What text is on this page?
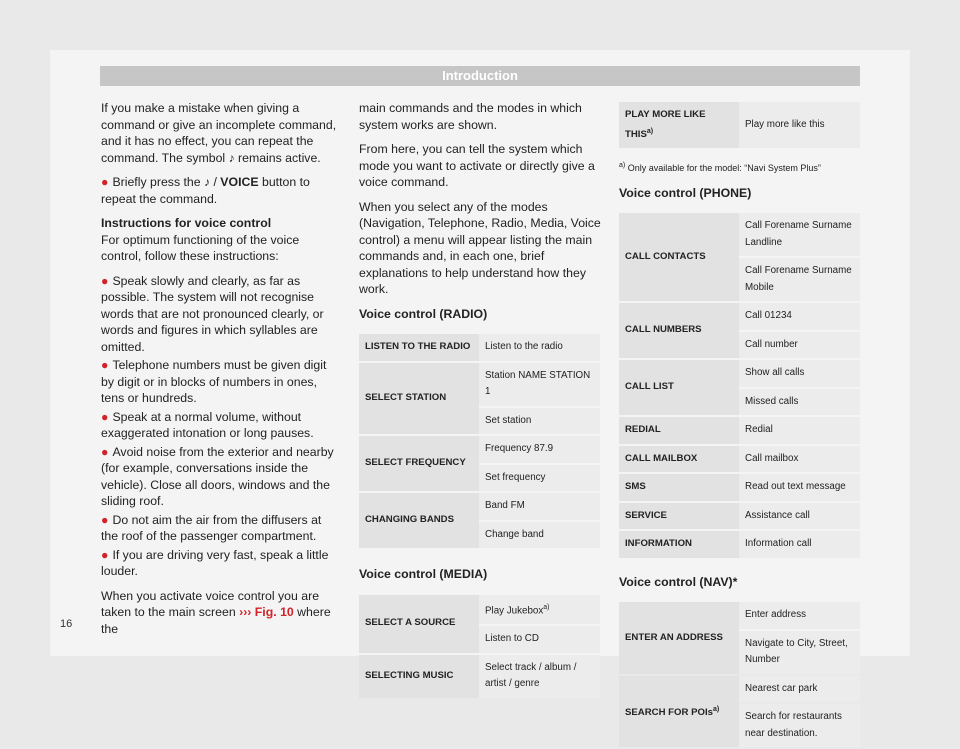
Introduction

If you make a mistake when giving a command or give an incomplete command, and it has no effect, you can repeat the command. The symbol ♪ remains active.

● Briefly press the ♪ / VOICE button to repeat the command.

Instructions for voice control

For optimum functioning of the voice control, follow these instructions:

● Speak slowly and clearly, as far as possible. The system will not recognise words that are not pronounced clearly, or words and figures in which syllables are omitted.

● Telephone numbers must be given digit by digit or in blocks of numbers in ones, tens or hundreds.

● Speak at a normal volume, without exaggerated intonation or long pauses.

● Avoid noise from the exterior and nearby (for example, conversations inside the vehicle). Close all doors, windows and the sliding roof.

● Do not aim the air from the diffusers at the roof of the passenger compartment.

● If you are driving very fast, speak a little louder.

When you activate voice control you are taken to the main screen ››› Fig. 10 where the

main commands and the modes in which system works are shown.

From here, you can tell the system which mode you want to activate or directly give a voice command.

When you select any of the modes (Navigation, Telephone, Radio, Media, Voice control) a menu will appear listing the main commands and, in each one, brief explanations to help understand how they work.

Voice control (RADIO)
LISTEN TO THE RADIO	Listen to the radio
SELECT STATION	Station NAME STATION 1
	Set station
SELECT FREQUENCY	Frequency 87.9
	Set frequency
CHANGING BANDS	Band FM
	Change band
Voice control (MEDIA)
SELECT A SOURCE	Play Jukebox$^{a)}$
	Listen to CD
SELECTING MUSIC	Select track / album / artist / genre
PLAY MORE LIKE THIS$^{a)}$	Play more like this
$^{a)}$ Only available for the model: “Navi System Plus”
Voice control (PHONE)
CALL CONTACTS	Call Forename Surname Landline
	Call Forename Surname Mobile
CALL NUMBERS	Call 01234
	Call number
CALL LIST	Show all calls
	Missed calls
REDIAL	Redial
CALL MAILBOX	Call mailbox
SMS	Read out text message
SERVICE	Assistance call
INFORMATION	Information call
Voice control (NAV)*
ENTER AN ADDRESS	Enter address
	Navigate to City, Street, Number
SEARCH FOR POIs$^{a)}$	Nearest car park
	Search for restaurants near destination.
16
